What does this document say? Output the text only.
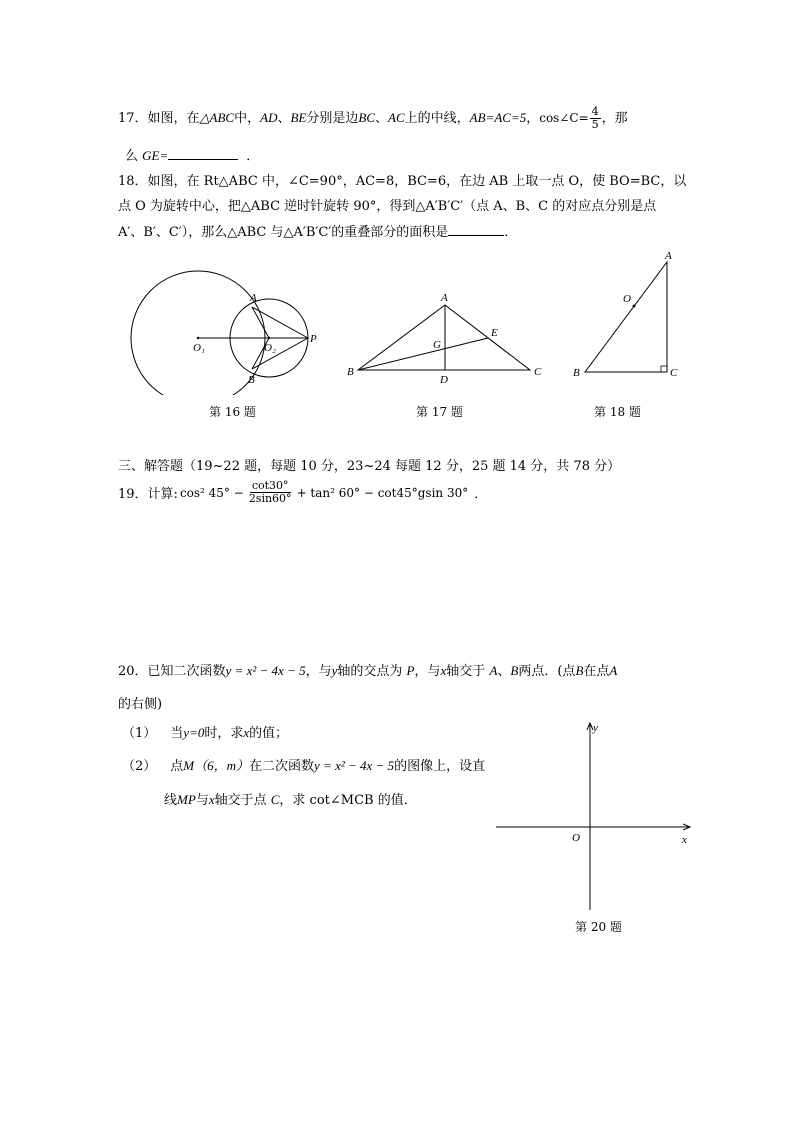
17．如图，在△ABC中，AD、BE分别是边BC、AC上的中线，AB=AC=5，cos∠C= $\frac{4}{5}$ ，那
么 GE=	．
18．如图，在 Rt△ABC 中，∠C=90°，AC=8，BC=6，在边 AB 上取一点 O，使 BO=BC，以
点 O 为旋转中心，把△ABC 逆时针旋转 90°，得到△A′B′C′（点 A、B、C 的对应点分别是点
A′、B′、C′），那么△ABC 与△A′B′C′的重叠部分的面积是	．
A
B
P
O₁	O₂
第 16 题
A
B	C
D
E
G
第 17 题
A
B	C
O
第 18 题
三、解答题（19~22 题，每题 10 分，23~24 每题 12 分，25 题 14 分，共 78 分）
19．计算: cos² $45^\circ - \frac{\cot 30^\circ}{2\sin 60^\circ} + \tan^2$ 60° − cot45°gsin 30° ．
20．已知二次函数y = x² − 4x − 5，与y轴的交点为 P，与x轴交于 A、B两点．(点B在点A
的右侧)
（1） 当y=0时，求x的值；
（2） 点M（6，m）在二次函数y = x² − 4x − 5的图像上，设直
线MP与x轴交于点 C，求 cot∠MCB 的值．
x
y
O
第 20 题
